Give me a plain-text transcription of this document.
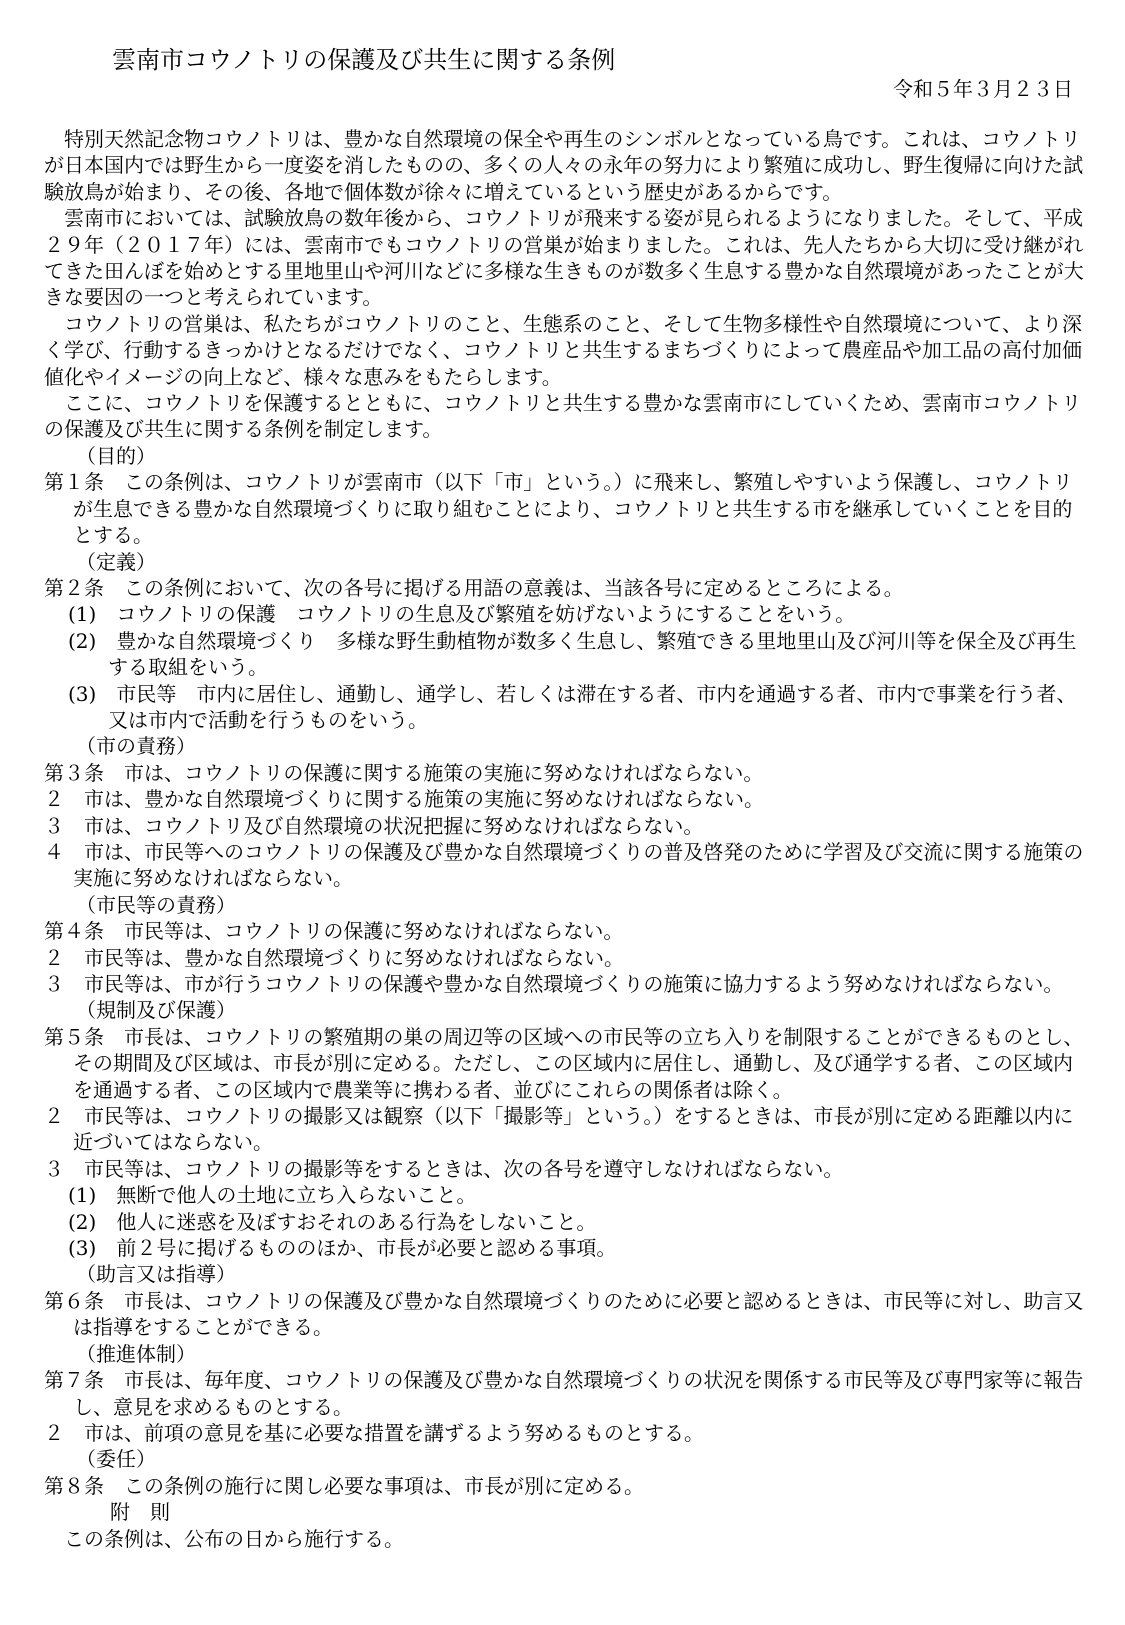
雲南市コウノトリの保護及び共生に関する条例
令和５年３月２３日

特別天然記念物コウノトリは、豊かな自然環境の保全や再生のシンボルとなっている鳥です。これは、コウノトリが日本国内では野生から一度姿を消したものの、多くの人々の永年の努力により繁殖に成功し、野生復帰に向けた試験放鳥が始まり、その後、各地で個体数が徐々に増えているという歴史があるからです。

雲南市においては、試験放鳥の数年後から、コウノトリが飛来する姿が見られるようになりました。そして、平成２９年（２０１７年）には、雲南市でもコウノトリの営巣が始まりました。これは、先人たちから大切に受け継がれてきた田んぼを始めとする里地里山や河川などに多様な生きものが数多く生息する豊かな自然環境があったことが大きな要因の一つと考えられています。

コウノトリの営巣は、私たちがコウノトリのこと、生態系のこと、そして生物多様性や自然環境について、より深く学び、行動するきっかけとなるだけでなく、コウノトリと共生するまちづくりによって農産品や加工品の高付加価値化やイメージの向上など、様々な恵みをもたらします。

ここに、コウノトリを保護するとともに、コウノトリと共生する豊かな雲南市にしていくため、雲南市コウノトリの保護及び共生に関する条例を制定します。

（目的）

第１条　この条例は、コウノトリが雲南市（以下「市」という。）に飛来し、繁殖しやすいよう保護し、コウノトリが生息できる豊かな自然環境づくりに取り組むことにより、コウノトリと共生する市を継承していくことを目的とする。

（定義）

第２条　この条例において、次の各号に掲げる用語の意義は、当該各号に定めるところによる。

(1)　コウノトリの保護　コウノトリの生息及び繁殖を妨げないようにすることをいう。

(2)　豊かな自然環境づくり　多様な野生動植物が数多く生息し、繁殖できる里地里山及び河川等を保全及び再生する取組をいう。

(3)　市民等　市内に居住し、通勤し、通学し、若しくは滞在する者、市内を通過する者、市内で事業を行う者、又は市内で活動を行うものをいう。

（市の責務）

第３条　市は、コウノトリの保護に関する施策の実施に努めなければならない。

２　市は、豊かな自然環境づくりに関する施策の実施に努めなければならない。

３　市は、コウノトリ及び自然環境の状況把握に努めなければならない。

４　市は、市民等へのコウノトリの保護及び豊かな自然環境づくりの普及啓発のために学習及び交流に関する施策の実施に努めなければならない。

（市民等の責務）

第４条　市民等は、コウノトリの保護に努めなければならない。

２　市民等は、豊かな自然環境づくりに努めなければならない。

３　市民等は、市が行うコウノトリの保護や豊かな自然環境づくりの施策に協力するよう努めなければならない。

（規制及び保護）

第５条　市長は、コウノトリの繁殖期の巣の周辺等の区域への市民等の立ち入りを制限することができるものとし、その期間及び区域は、市長が別に定める。ただし、この区域内に居住し、通勤し、及び通学する者、この区域内を通過する者、この区域内で農業等に携わる者、並びにこれらの関係者は除く。

２　市民等は、コウノトリの撮影又は観察（以下「撮影等」という。）をするときは、市長が別に定める距離以内に近づいてはならない。

３　市民等は、コウノトリの撮影等をするときは、次の各号を遵守しなければならない。

(1)　無断で他人の土地に立ち入らないこと。

(2)　他人に迷惑を及ぼすおそれのある行為をしないこと。

(3)　前２号に掲げるもののほか、市長が必要と認める事項。

（助言又は指導）

第６条　市長は、コウノトリの保護及び豊かな自然環境づくりのために必要と認めるときは、市民等に対し、助言又は指導をすることができる。

（推進体制）

第７条　市長は、毎年度、コウノトリの保護及び豊かな自然環境づくりの状況を関係する市民等及び専門家等に報告し、意見を求めるものとする。

２　市は、前項の意見を基に必要な措置を講ずるよう努めるものとする。

（委任）

第８条　この条例の施行に関し必要な事項は、市長が別に定める。

附　則

この条例は、公布の日から施行する。
